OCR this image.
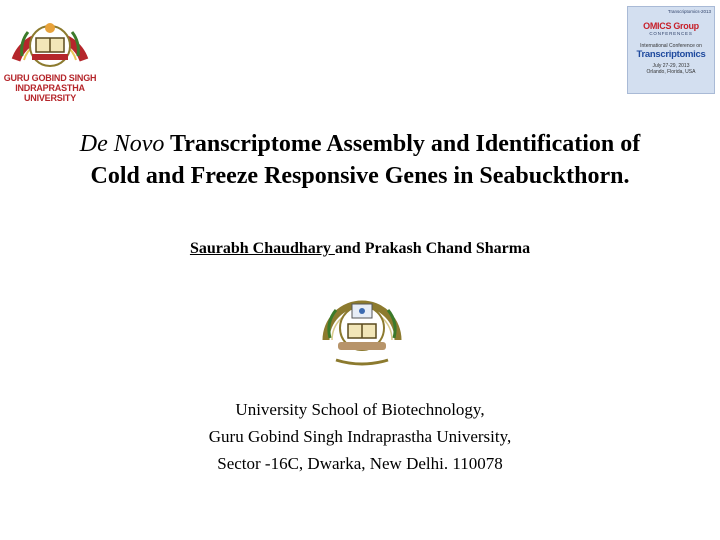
GURU GOBIND SINGH
INDRAPRASTHA
UNIVERSITY
Transcriptomics-2013
OMICS Group
CONFERENCES
International Conference on
Transcriptomics
July 27-29, 2013
Orlando, Florida, USA
De Novo Transcriptome Assembly and Identification of
Cold and Freeze Responsive Genes in Seabuckthorn.
Saurabh Chaudhary and Prakash Chand Sharma
University School of Biotechnology,
Guru Gobind Singh Indraprastha University,
Sector -16C, Dwarka, New Delhi. 110078
